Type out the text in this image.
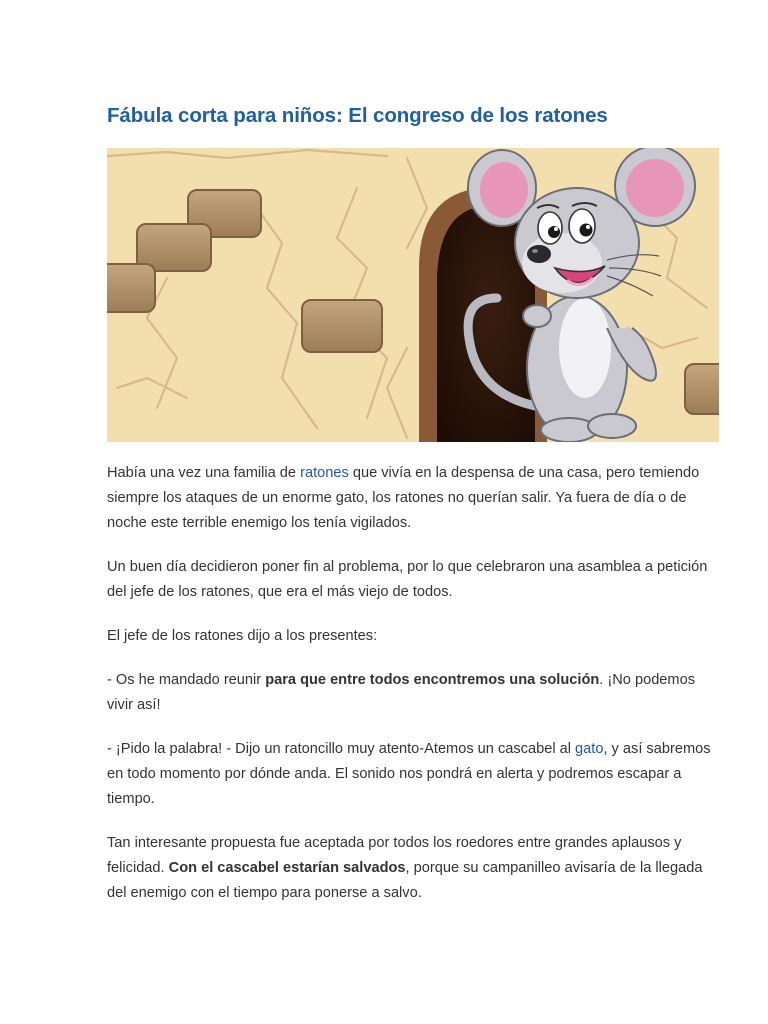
Fábula corta para niños: El congreso de los ratones

Había una vez una familia de ratones que vivía en la despensa de una casa, pero temiendo siempre los ataques de un enorme gato, los ratones no querían salir. Ya fuera de día o de noche este terrible enemigo los tenía vigilados.

Un buen día decidieron poner fin al problema, por lo que celebraron una asamblea a petición del jefe de los ratones, que era el más viejo de todos.

El jefe de los ratones dijo a los presentes:

- Os he mandado reunir para que entre todos encontremos una solución. ¡No podemos vivir así!

- ¡Pido la palabra! - Dijo un ratoncillo muy atento-Atemos un cascabel al gato, y así sabremos en todo momento por dónde anda. El sonido nos pondrá en alerta y podremos escapar a tiempo.

Tan interesante propuesta fue aceptada por todos los roedores entre grandes aplausos y felicidad. Con el cascabel estarían salvados, porque su campanilleo avisaría de la llegada del enemigo con el tiempo para ponerse a salvo.
